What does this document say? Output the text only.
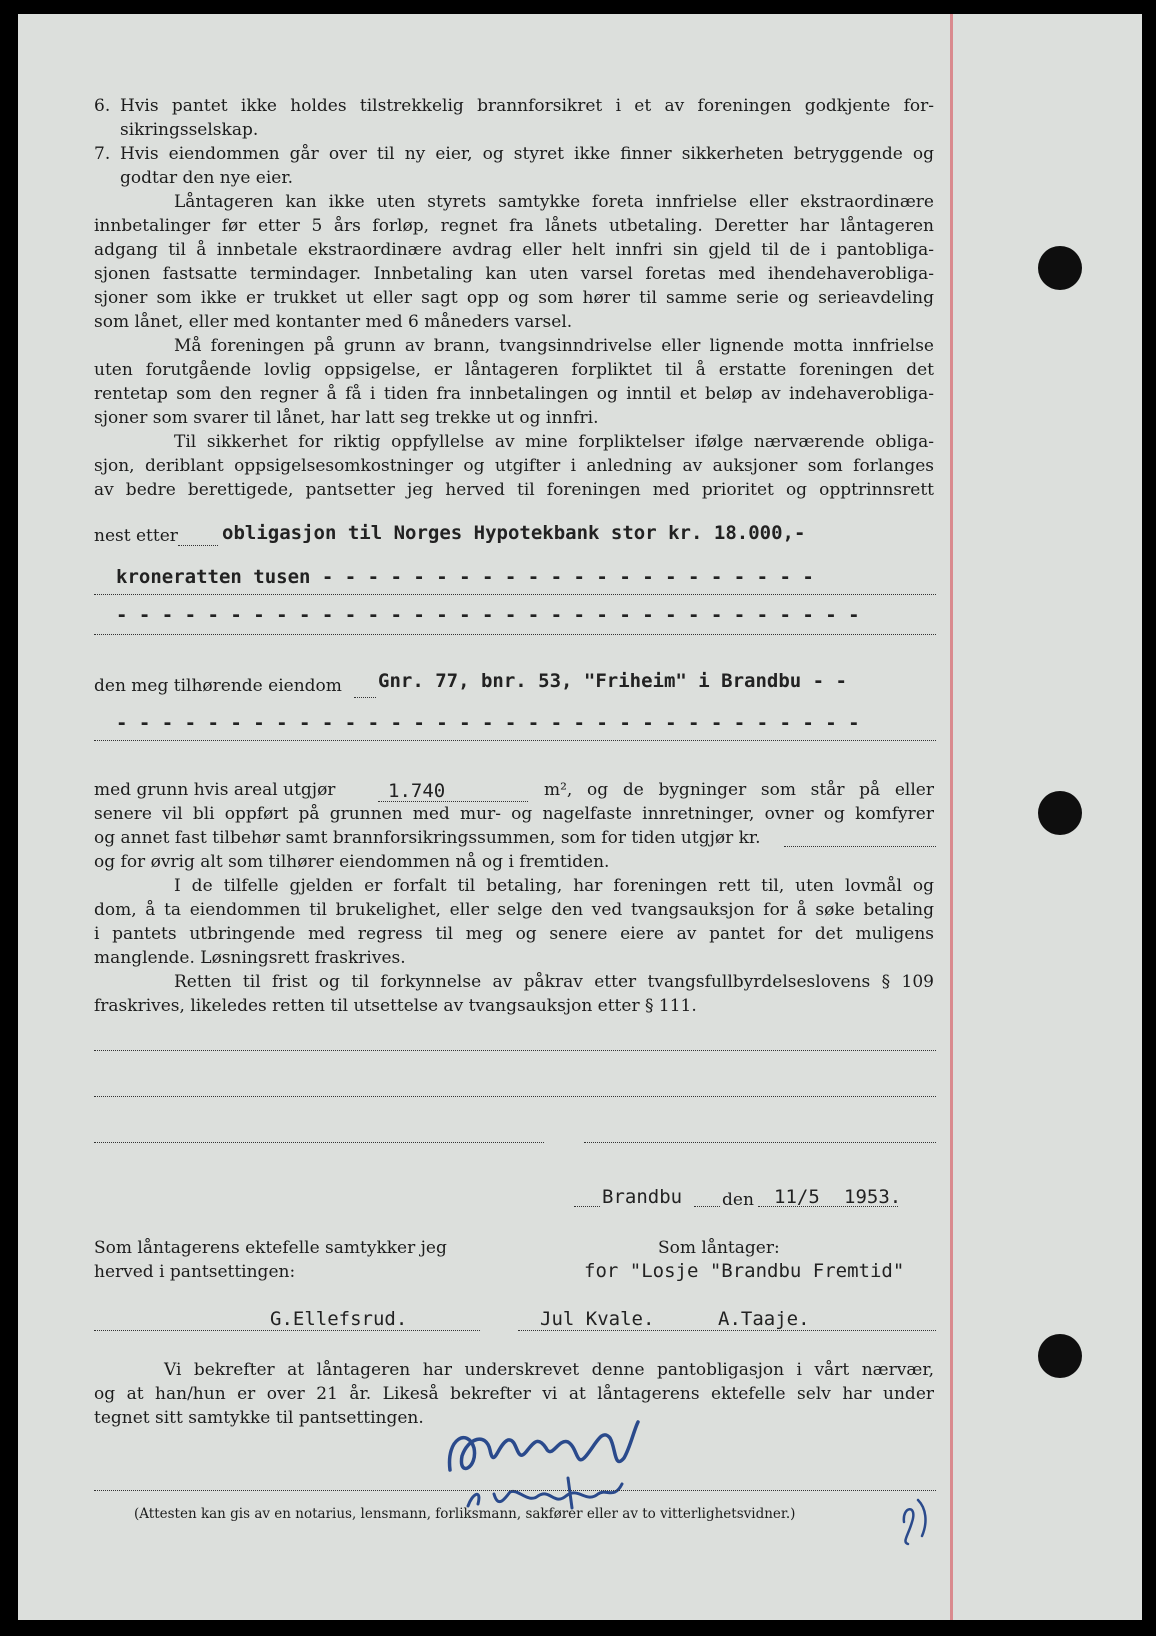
6. Hvis pantet ikke holdes tilstrekkelig brannforsikret i et av foreningen godkjente for-
sikringsselskap.
7. Hvis eiendommen går over til ny eier, og styret ikke finner sikkerheten betryggende og
godtar den nye eier.
Låntageren kan ikke uten styrets samtykke foreta innfrielse eller ekstraordinære
innbetalinger før etter 5 års forløp, regnet fra lånets utbetaling. Deretter har låntageren
adgang til å innbetale ekstraordinære avdrag eller helt innfri sin gjeld til de i pantobliga-
sjonen fastsatte termindager. Innbetaling kan uten varsel foretas med ihendehaverobliga-
sjoner som ikke er trukket ut eller sagt opp og som hører til samme serie og serieavdeling
som lånet, eller med kontanter med 6 måneders varsel.
Må foreningen på grunn av brann, tvangsinndrivelse eller lignende motta innfrielse
uten forutgående lovlig oppsigelse, er låntageren forpliktet til å erstatte foreningen det
rentetap som den regner å få i tiden fra innbetalingen og inntil et beløp av indehaverobliga-
sjoner som svarer til lånet, har latt seg trekke ut og innfri.
Til sikkerhet for riktig oppfyllelse av mine forpliktelser ifølge nærværende obliga-
sjon, deriblant oppsigelsesomkostninger og utgifter i anledning av auksjoner som forlanges
av bedre berettigede, pantsetter jeg herved til foreningen med prioritet og opptrinnsrett
nest etter obligasjon til Norges Hypotekbank stor kr. 18.000,-
kroneratten tusen - - - - - - - - - - - - - - - - - - - - - -
- - - - - - - - - - - - - - - - - - - - - - - - - - - - - - - - -
den meg tilhørende eiendom Gnr. 77, bnr. 53, "Friheim" i Brandbu - -
- - - - - - - - - - - - - - - - - - - - - - - - - - - - - - - - -
med grunn hvis areal utgjør	1.740	m², og de bygninger som står på eller
senere vil bli oppført på grunnen med mur- og nagelfaste innretninger, ovner og komfyrer
og annet fast tilbehør samt brannforsikringssummen, som for tiden utgjør kr.
og for øvrig alt som tilhører eiendommen nå og i fremtiden.
I de tilfelle gjelden er forfalt til betaling, har foreningen rett til, uten lovmål og
dom, å ta eiendommen til brukelighet, eller selge den ved tvangsauksjon for å søke betaling
i pantets utbringende med regress til meg og senere eiere av pantet for det muligens
manglende. Løsningsrett fraskrives.
Retten til frist og til forkynnelse av påkrav etter tvangsfullbyrdelseslovens § 109
fraskrives, likeledes retten til utsettelse av tvangsauksjon etter § 111.
Brandbu den 11/5 1953.
Som låntagerens ektefelle samtykker jeg
herved i pantsettingen:
Som låntager:
for "Losje "Brandbu Fremtid"
G.Ellefsrud.	Jul Kvale.	A.Taaje.
Vi bekrefter at låntageren har underskrevet denne pantobligasjon i vårt nærvær,
og at han/hun er over 21 år. Likeså bekrefter vi at låntagerens ektefelle selv har under
tegnet sitt samtykke til pantsettingen.
(Attesten kan gis av en notarius, lensmann, forliksmann, sakfører eller av to vitterlighetsvidner.)
